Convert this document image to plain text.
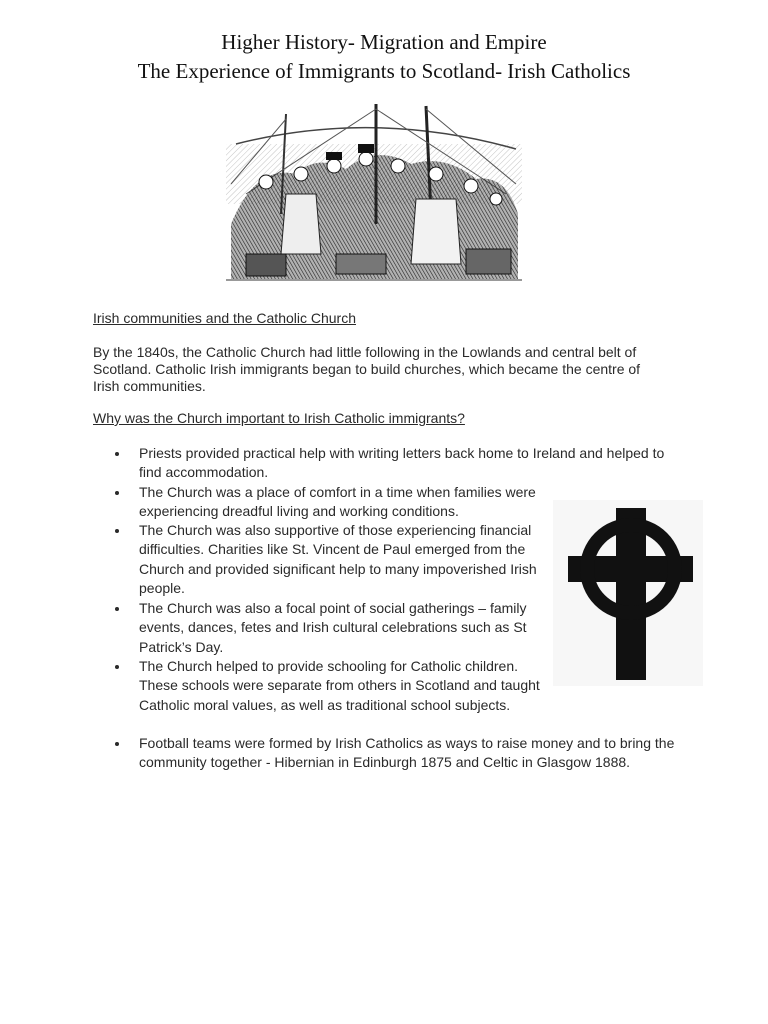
Higher History- Migration and Empire
The Experience of Immigrants to Scotland- Irish Catholics

Irish communities and the Catholic Church

By the 1840s, the Catholic Church had little following in the Lowlands and central belt of Scotland. Catholic Irish immigrants began to build churches, which became the centre of Irish communities.

Why was the Church important to Irish Catholic immigrants?

Priests provided practical help with writing letters back home to Ireland and helped to find accommodation.
The Church was a place of comfort in a time when families were experiencing dreadful living and working conditions.
The Church was also supportive of those experiencing financial difficulties. Charities like St. Vincent de Paul emerged from the Church and provided significant help to many impoverished Irish people.
The Church was also a focal point of social gatherings – family events, dances, fetes and Irish cultural celebrations such as St Patrick’s Day.
The Church helped to provide schooling for Catholic children. These schools were separate from others in Scotland and taught Catholic moral values, as well as traditional school subjects.
Football teams were formed by Irish Catholics as ways to raise money and to bring the community together - Hibernian in Edinburgh 1875 and Celtic in Glasgow 1888.
